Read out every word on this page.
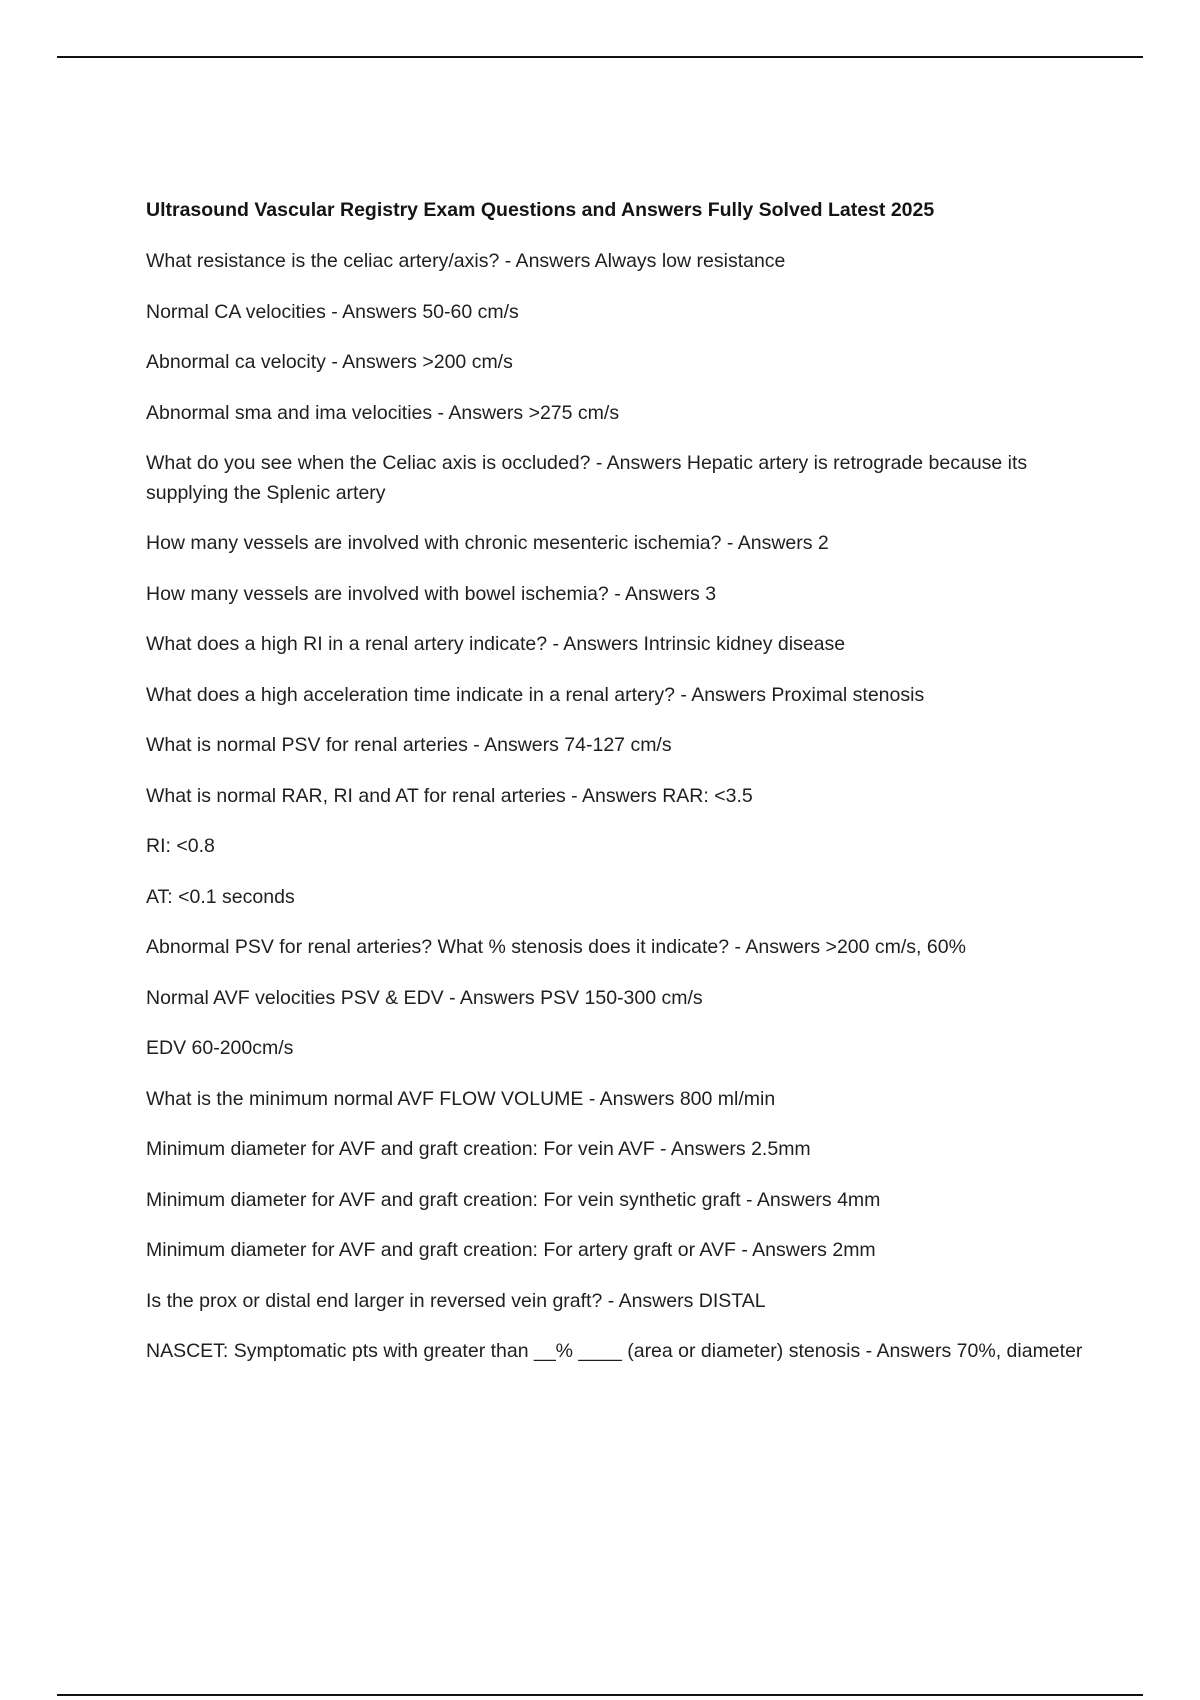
Ultrasound Vascular Registry Exam Questions and Answers Fully Solved Latest 2025
What resistance is the celiac artery/axis? - Answers Always low resistance
Normal CA velocities - Answers 50-60 cm/s
Abnormal ca velocity - Answers >200 cm/s
Abnormal sma and ima velocities - Answers >275 cm/s
What do you see when the Celiac axis is occluded? - Answers Hepatic artery is retrograde because its supplying the Splenic artery
How many vessels are involved with chronic mesenteric ischemia? - Answers 2
How many vessels are involved with bowel ischemia? - Answers 3
What does a high RI in a renal artery indicate? - Answers Intrinsic kidney disease
What does a high acceleration time indicate in a renal artery? - Answers Proximal stenosis
What is normal PSV for renal arteries - Answers 74-127 cm/s
What is normal RAR, RI and AT for renal arteries - Answers RAR: <3.5
RI: <0.8
AT: <0.1 seconds
Abnormal PSV for renal arteries? What % stenosis does it indicate? - Answers >200 cm/s, 60%
Normal AVF velocities PSV & EDV - Answers PSV 150-300 cm/s
EDV 60-200cm/s
What is the minimum normal AVF FLOW VOLUME - Answers 800 ml/min
Minimum diameter for AVF and graft creation: For vein AVF - Answers 2.5mm
Minimum diameter for AVF and graft creation: For vein synthetic graft - Answers 4mm
Minimum diameter for AVF and graft creation: For artery graft or AVF - Answers 2mm
Is the prox or distal end larger in reversed vein graft? - Answers DISTAL
NASCET: Symptomatic pts with greater than __% ____ (area or diameter) stenosis - Answers 70%, diameter
